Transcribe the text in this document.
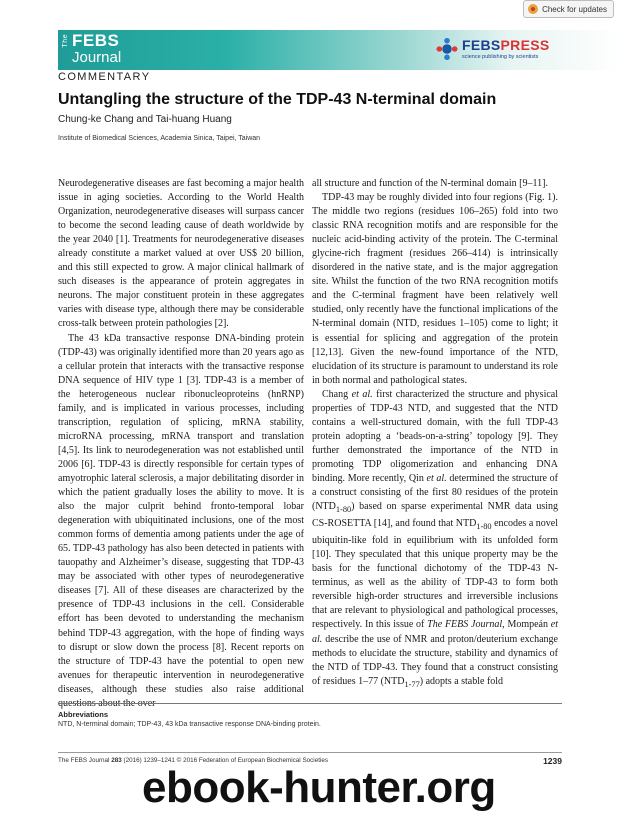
Check for updates
The FEBS
Journal
COMMENTARY
FEBSPRESS
science publishing by scientists
Untangling the structure of the TDP-43 N-terminal domain
Chung-ke Chang and Tai-huang Huang
Institute of Biomedical Sciences, Academia Sinica, Taipei, Taiwan

Neurodegenerative diseases are fast becoming a major health issue in aging societies. According to the World Health Organization, neurodegenerative diseases will surpass cancer to become the second leading cause of death worldwide by the year 2040 [1]. Treatments for neurodegenerative diseases already constitute a market valued at over US$ 20 billion, and this still expected to grow. A major clinical hallmark of such diseases is the appearance of protein aggregates in neurons. The major constituent protein in these aggregates varies with disease type, although there may be considerable cross-talk between protein pathologies [2].

The 43 kDa transactive response DNA-binding protein (TDP-43) was originally identified more than 20 years ago as a cellular protein that interacts with the transactive response DNA sequence of HIV type 1 [3]. TDP-43 is a member of the heterogeneous nuclear ribonucleoproteins (hnRNP) family, and is implicated in various processes, including transcription, regulation of splicing, mRNA stability, microRNA processing, mRNA transport and translation [4,5]. Its link to neurodegeneration was not established until 2006 [6]. TDP-43 is directly responsible for certain types of amyotrophic lateral sclerosis, a major debilitating disorder in which the patient gradually loses the ability to move. It is also the major culprit behind fronto-temporal lobar degeneration with ubiquitinated inclusions, one of the most common forms of dementia among patients under the age of 65. TDP-43 pathology has also been detected in patients with tauopathy and Alzheimer’s disease, suggesting that TDP-43 may be associated with other types of neurodegenerative diseases [7]. All of these diseases are characterized by the presence of TDP-43 inclusions in the cell. Considerable effort has been devoted to understanding the mechanism behind TDP-43 aggregation, with the hope of finding ways to disrupt or slow down the process [8]. Recent reports on the structure of TDP-43 have the potential to open new avenues for therapeutic intervention in neurodegenerative diseases, although these studies also raise additional questions about the over-

all structure and function of the N-terminal domain [9–11].

TDP-43 may be roughly divided into four regions (Fig. 1). The middle two regions (residues 106–265) fold into two classic RNA recognition motifs and are responsible for the nucleic acid-binding activity of the protein. The C-terminal glycine-rich fragment (residues 266–414) is intrinsically disordered in the native state, and is the major aggregation site. Whilst the function of the two RNA recognition motifs and the C-terminal fragment have been relatively well studied, only recently have the functional implications of the N-terminal domain (NTD, residues 1–105) come to light; it is essential for splicing and aggregation of the protein [12,13]. Given the new-found importance of the NTD, elucidation of its structure is paramount to understand its role in both normal and pathological states.

Chang et al. first characterized the structure and physical properties of TDP-43 NTD, and suggested that the NTD contains a well-structured domain, with the full TDP-43 protein adopting a ‘beads-on-a-string’ topology [9]. They further demonstrated the importance of the NTD in promoting TDP oligomerization and enhancing DNA binding. More recently, Qin et al. determined the structure of a construct consisting of the first 80 residues of the protein $(NTD_{1-80})$ based on sparse experimental NMR data using CS-ROSETTA [14], and found that $NTD_{1-80}$ encodes a novel ubiquitin-like fold in equilibrium with its unfolded form [10]. They speculated that this unique property may be the basis for the functional dichotomy of the TDP-43 N-terminus, as well as the ability of TDP-43 to form both reversible high-order structures and irreversible inclusions that are relevant to physiological and pathological processes, respectively. In this issue of The FEBS Journal, Mompeán et al. describe the use of NMR and proton/deuterium exchange methods to elucidate the structure, stability and dynamics of the NTD of TDP-43. They found that a construct consisting of residues 1–77 $(NTD_{1-77})$ adopts a stable fold

Abbreviations
NTD, N-terminal domain; TDP-43, 43 kDa transactive response DNA-binding protein.
The FEBS Journal 283 (2016) 1239–1241 © 2016 Federation of European Biochemical Societies	1239
ebook-hunter.org
